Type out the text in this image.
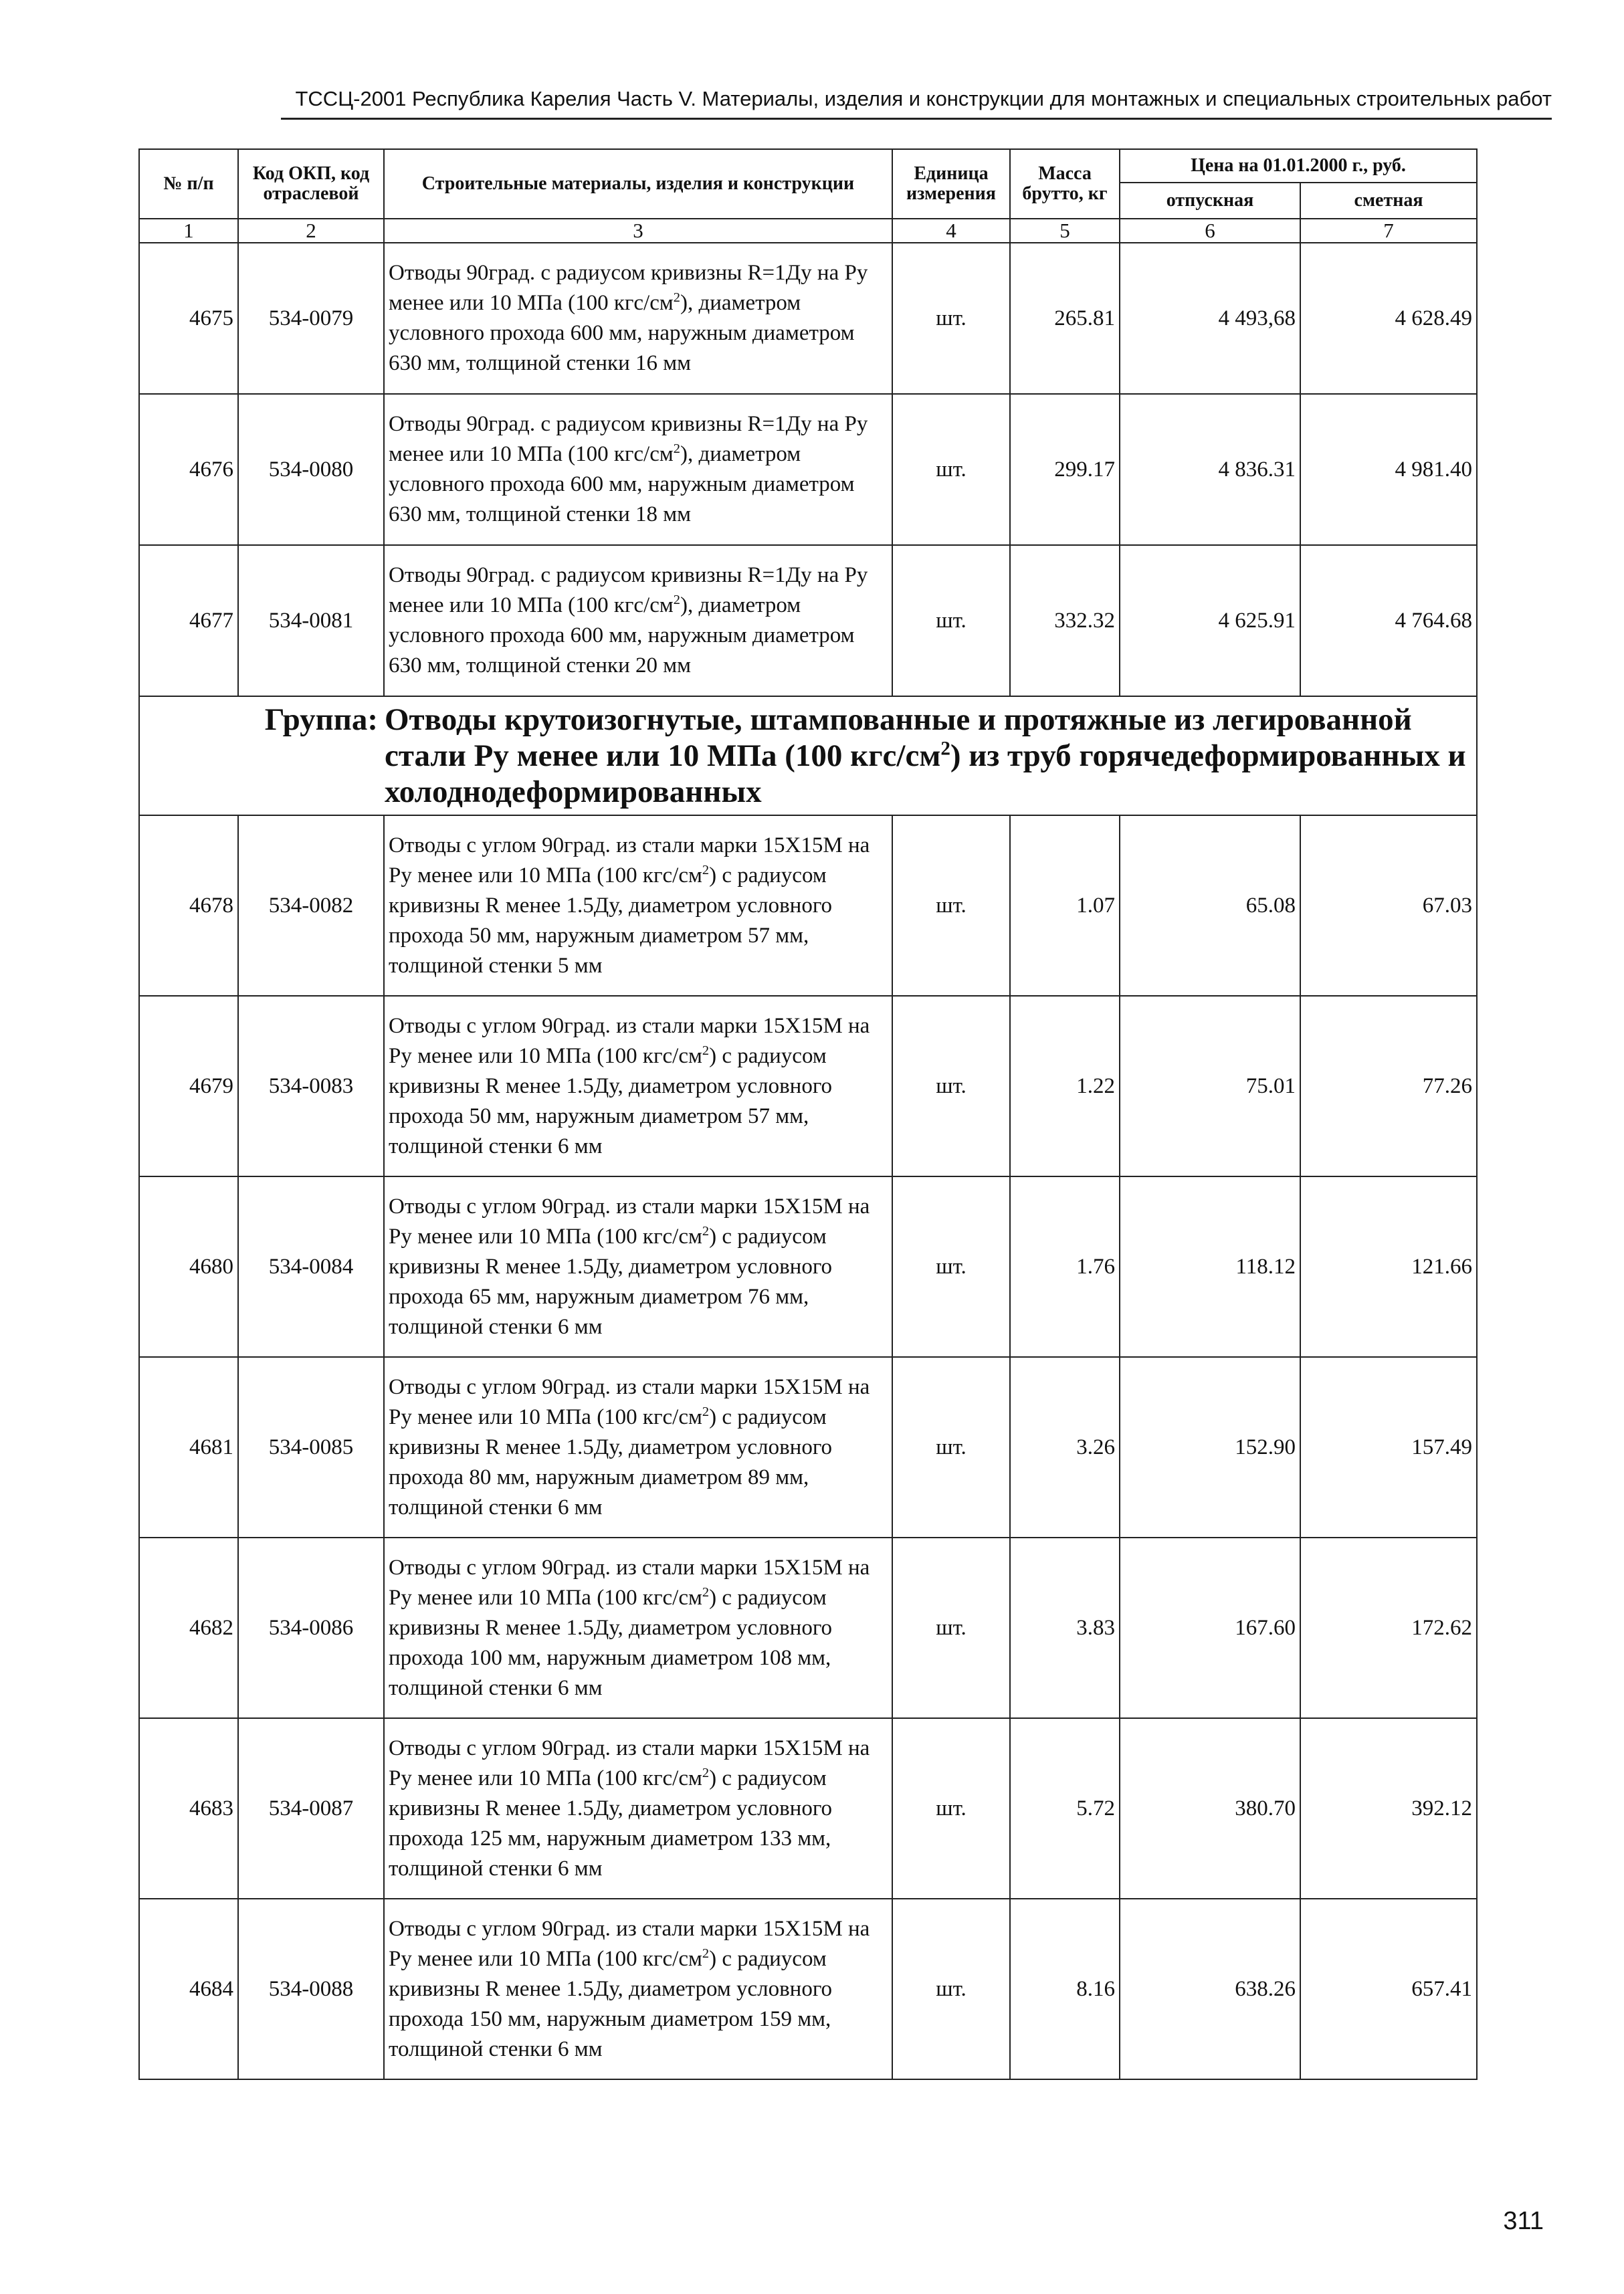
ТССЦ-2001 Республика Карелия Часть V. Материалы, изделия и конструкции для монтажных и специальных строительных работ
№ п/п	Код ОКП, код отраслевой	Строительные материалы, изделия и конструкции	Единица измерения	Масса брутто, кг	Цена на 01.01.2000 г., руб.	
					отпускная	сметная
1	2	3	4	5	6	7
4675	534-0079	Отводы 90град. с радиусом кривизны R=1Ду на Ру менее или 10 МПа (100 кгс/$см^2$), диаметром условного прохода 600 мм, наружным диаметром 630 мм, толщиной стенки 16 мм	шт.	265.81	4 493,68	4 628.49
4676	534-0080	Отводы 90град. с радиусом кривизны R=1Ду на Ру менее или 10 МПа (100 кгс/$см^2$), диаметром условного прохода 600 мм, наружным диаметром 630 мм, толщиной стенки 18 мм	шт.	299.17	4 836.31	4 981.40
4677	534-0081	Отводы 90град. с радиусом кривизны R=1Ду на Ру менее или 10 МПа (100 кгс/$см^2$), диаметром условного прохода 600 мм, наружным диаметром 630 мм, толщиной стенки 20 мм	шт.	332.32	4 625.91	4 764.68

Группа: Отводы крутоизогнутые, штампованные и протяжные из легированной стали Ру менее или 10 МПа (100 кгс/$см^2$) из труб горячедеформированных и холоднодеформированных						

4678	534-0082	Отводы с углом 90град. из стали марки 15Х15М на Ру менее или 10 МПа (100 кгс/$см^2$) с радиусом кривизны R менее 1.5Ду, диаметром условного прохода 50 мм, наружным диаметром 57 мм, толщиной стенки 5 мм	шт.	1.07	65.08	67.03
4679	534-0083	Отводы с углом 90град. из стали марки 15Х15М на Ру менее или 10 МПа (100 кгс/$см^2$) с радиусом кривизны R менее 1.5Ду, диаметром условного прохода 50 мм, наружным диаметром 57 мм, толщиной стенки 6 мм	шт.	1.22	75.01	77.26
4680	534-0084	Отводы с углом 90град. из стали марки 15Х15М на Ру менее или 10 МПа (100 кгс/$см^2$) с радиусом кривизны R менее 1.5Ду, диаметром условного прохода 65 мм, наружным диаметром 76 мм, толщиной стенки 6 мм	шт.	1.76	118.12	121.66
4681	534-0085	Отводы с углом 90град. из стали марки 15Х15М на Ру менее или 10 МПа (100 кгс/$см^2$) с радиусом кривизны R менее 1.5Ду, диаметром условного прохода 80 мм, наружным диаметром 89 мм, толщиной стенки 6 мм	шт.	3.26	152.90	157.49
4682	534-0086	Отводы с углом 90град. из стали марки 15Х15М на Ру менее или 10 МПа (100 кгс/$см^2$) с радиусом кривизны R менее 1.5Ду, диаметром условного прохода 100 мм, наружным диаметром 108 мм, толщиной стенки 6 мм	шт.	3.83	167.60	172.62
4683	534-0087	Отводы с углом 90град. из стали марки 15Х15М на Ру менее или 10 МПа (100 кгс/$см^2$) с радиусом кривизны R менее 1.5Ду, диаметром условного прохода 125 мм, наружным диаметром 133 мм, толщиной стенки 6 мм	шт.	5.72	380.70	392.12
4684	534-0088	Отводы с углом 90град. из стали марки 15Х15М на Ру менее или 10 МПа (100 кгс/$см^2$) с радиусом кривизны R менее 1.5Ду, диаметром условного прохода 150 мм, наружным диаметром 159 мм, толщиной стенки 6 мм	шт.	8.16	638.26	657.41
311
